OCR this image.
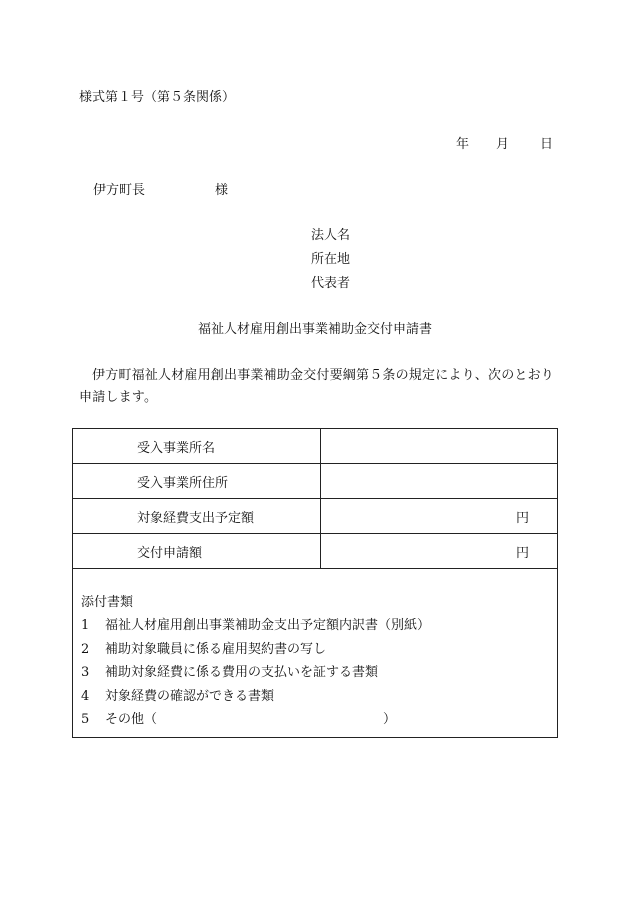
様式第１号（第５条関係）
年 月 日
伊方町長	様
法人名
所在地
代表者
福祉人材雇用創出事業補助金交付申請書
伊方町福祉人材雇用創出事業補助金交付要綱第５条の規定により、次のとおり申請します。
受入事業所名	
受入事業所住所	
対象経費支出予定額	円
交付申請額	円
添付書類
1 福祉人材雇用創出事業補助金支出予定額内訳書（別紙）
2 補助対象職員に係る雇用契約書の写し
3 補助対象経費に係る費用の支払いを証する書類
4 対象経費の確認ができる書類
5 その他（	）
